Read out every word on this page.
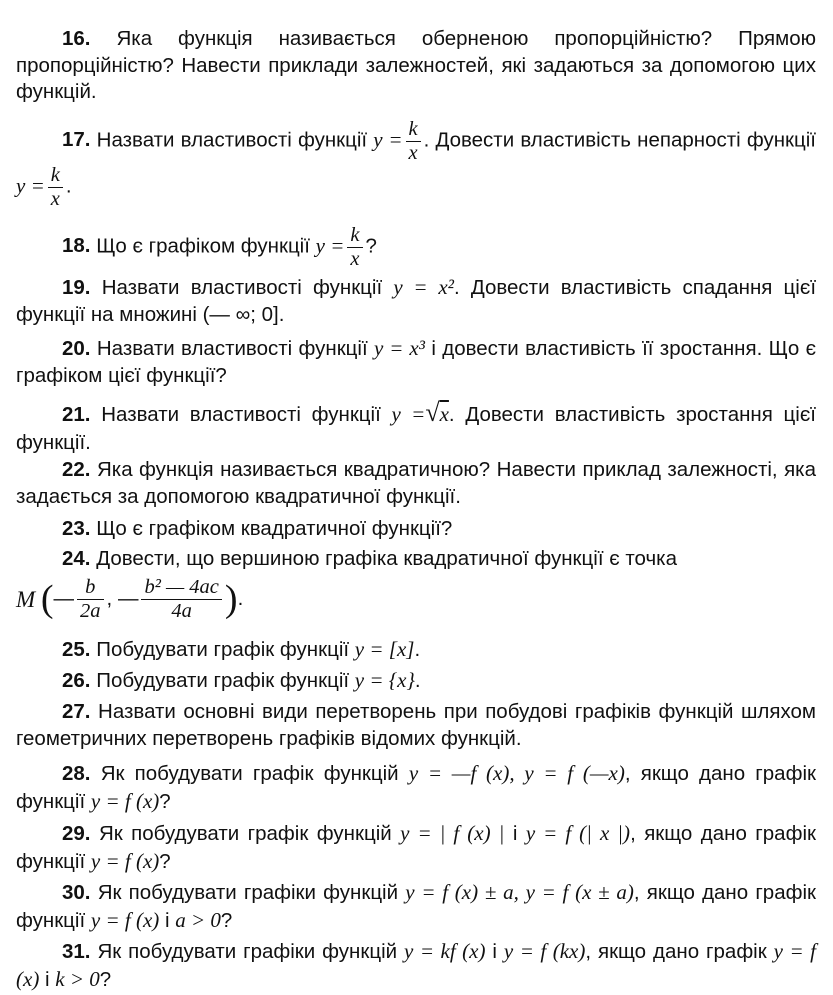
16. Яка функція називається оберненою пропорційністю? Прямою пропорційністю? Навести приклади залежностей, які задаються за допомогою цих функцій.

17. Назвати властивості функції $y = \frac{k}{x}$ . Довести властивість непарності функції $y = \frac{k}{x}$ .

18. Що є графіком функції $y = \frac{k}{x}$ ?

19. Назвати властивості функції y = x². Довести властивість спадання цієї функції на множині (— ∞; 0].

20. Назвати властивості функції y = x³ і довести властивість її зростання. Що є графіком цієї функції?

21. Назвати властивості функції y =√x. Довести властивість зростання цієї функції.

22. Яка функція називається квадратичною? Навести приклад залежності, яка задається за допомогою квадратичної функції.

23. Що є графіком квадратичної функції?

24. Довести, що вершиною графіка квадратичної функції є точка

M (— $\frac{b}{2a}$ , — $\frac{\text{b² — 4ac}}{4a}$ ).

25. Побудувати графік функції y = [x].

26. Побудувати графік функції y = {x}.

27. Назвати основні види перетворень при побудові графіків функцій шляхом геометричних перетворень графіків відомих функцій.

28. Як побудувати графік функцій y = —f (x), y = f (—x), якщо дано графік функції y = f (x)?

29. Як побудувати графік функцій y = | f (x) | і y = f (| x |), якщо дано графік функції y = f (x)?

30. Як побудувати графіки функцій y = f (x) ± a, y = f (x ± a), якщо дано графік функції y = f (x) і a > 0?

31. Як побудувати графіки функцій y = kf (x) і y = f (kx), якщо дано графік y = f (x) і k > 0?
